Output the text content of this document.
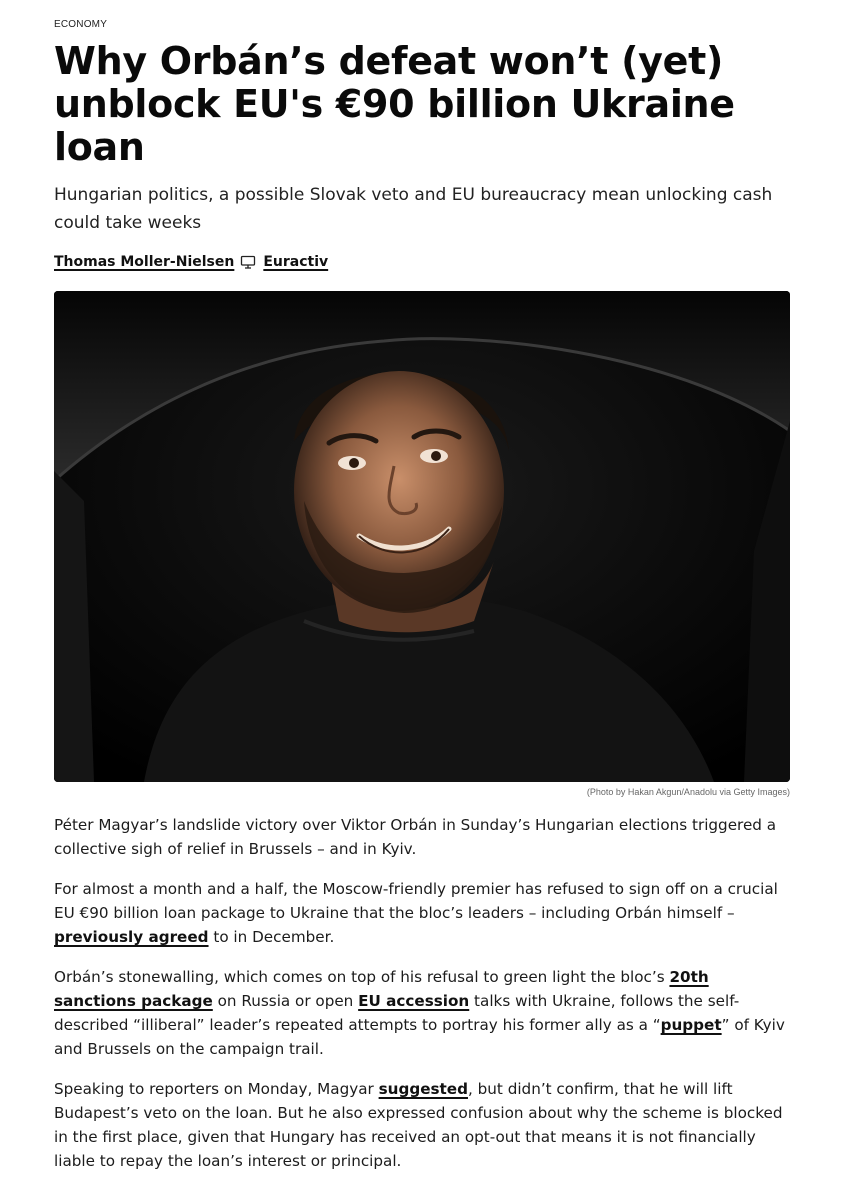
ECONOMY
Why Orbán’s defeat won’t (yet) unblock EU's €90 billion Ukraine loan
Hungarian politics, a possible Slovak veto and EU bureaucracy mean unlocking cash could take weeks
Thomas Moller-Nielsen Euractiv
(Photo by Hakan Akgun/Anadolu via Getty Images)

Péter Magyar’s landslide victory over Viktor Orbán in Sunday’s Hungarian elections triggered a collective sigh of relief in Brussels – and in Kyiv.

For almost a month and a half, the Moscow-friendly premier has refused to sign off on a crucial EU €90 billion loan package to Ukraine that the bloc’s leaders – including Orbán himself – previously agreed to in December.

Orbán’s stonewalling, which comes on top of his refusal to green light the bloc’s 20th sanctions package on Russia or open EU accession talks with Ukraine, follows the self-described “illiberal” leader’s repeated attempts to portray his former ally as a “puppet” of Kyiv and Brussels on the campaign trail.

Speaking to reporters on Monday, Magyar suggested, but didn’t confirm, that he will lift Budapest’s veto on the loan. But he also expressed confusion about why the scheme is blocked in the first place, given that Hungary has received an opt-out that means it is not financially liable to repay the loan’s interest or principal.
